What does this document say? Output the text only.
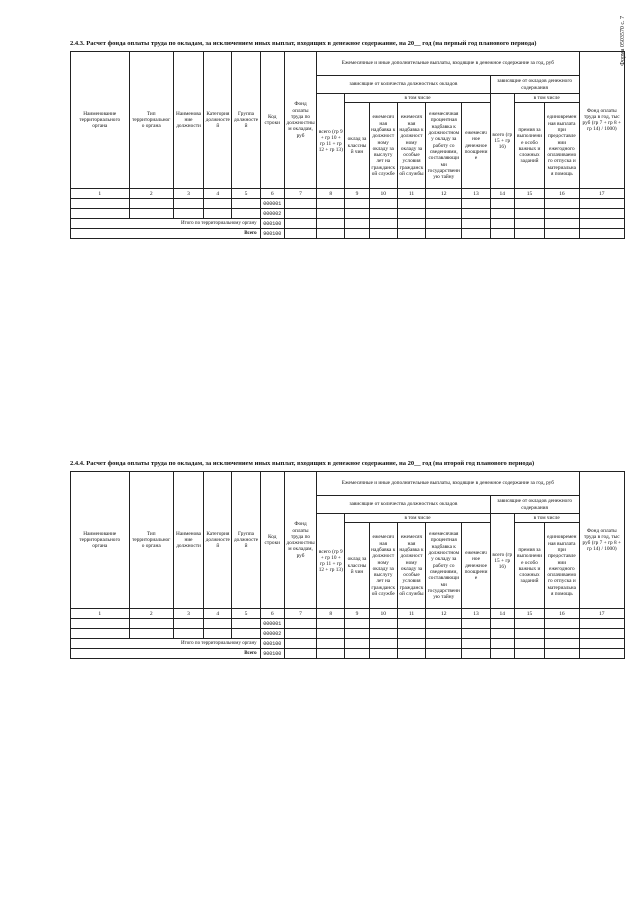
Форма 0503570 с. 7
2.4.3. Расчет фонда оплаты труда по окладам, за исключением иных выплат, входящих в денежное содержание, на 20__ год (на первый год планового периода)
Наименование территориального органа	Тип территориального органа	Наименование должности	Категория должностей	Группа должностей	Код строки	Фонд оплаты труда по должностным окладам, руб	Ежемесячные и иные дополнительные выплаты, входящие в денежное содержание за год, руб									Фонд оплаты труда в год, тыс руб (гр 7 + гр 8 + гр 14) / 1000)
							зависящие от количества должностных окладов						зависящие от окладов денежного содержания			
							всего (гр 9 + гр 10 + гр 11 + гр 12 + гр 13)	в том числе					всего (гр 15 + гр 16)	в том числе		
								оклад за классный чин	ежемесячная надбавка к должностному окладу за выслугу лет на гражданской службе	ежемесячная надбавка к должностному окладу за особые условия гражданской службы	ежемесячная процентная надбавка к должностному окладу за работу со сведениями, составляющими государственную тайну	ежемесячное денежное поощрение		премия за выполнение особо важных и сложных заданий	единовременная выплата при предоставлении ежегодного оплачиваемого отпуска и материальная помощь	
1	2	3	4	5	6	7	8	9	10	11	12	13	14	15	16	17
					000001											
					000002											
Итого по территориальному органу					000100											
Всего					900100											
2.4.4. Расчет фонда оплаты труда по окладам, за исключением иных выплат, входящих в денежное содержание, на 20__ год (на второй год планового периода)
Наименование территориального органа	Тип территориального органа	Наименование должности	Категория должностей	Группа должностей	Код строки	Фонд оплаты труда по должностным окладам, руб	Ежемесячные и иные дополнительные выплаты, входящие в денежное содержание за год, руб									Фонд оплаты труда в год, тыс руб (гр 7 + гр 8 + гр 14) / 1000)
							зависящие от количества должностных окладов						зависящие от окладов денежного содержания			
							всего (гр 9 + гр 10 + гр 11 + гр 12 + гр 13)	в том числе					всего (гр 15 + гр 16)	в том числе		
								оклад за классный чин	ежемесячная надбавка к должностному окладу за выслугу лет на гражданской службе	ежемесячная надбавка к должностному окладу за особые условия гражданской службы	ежемесячная процентная надбавка к должностному окладу за работу со сведениями, составляющими государственную тайну	ежемесячное денежное поощрение		премия за выполнение особо важных и сложных заданий	единовременная выплата при предоставлении ежегодного оплачиваемого отпуска и материальная помощь	
1	2	3	4	5	6	7	8	9	10	11	12	13	14	15	16	17
					000001											
					000002											
Итого по территориальному органу					000100											
Всего					900100											
